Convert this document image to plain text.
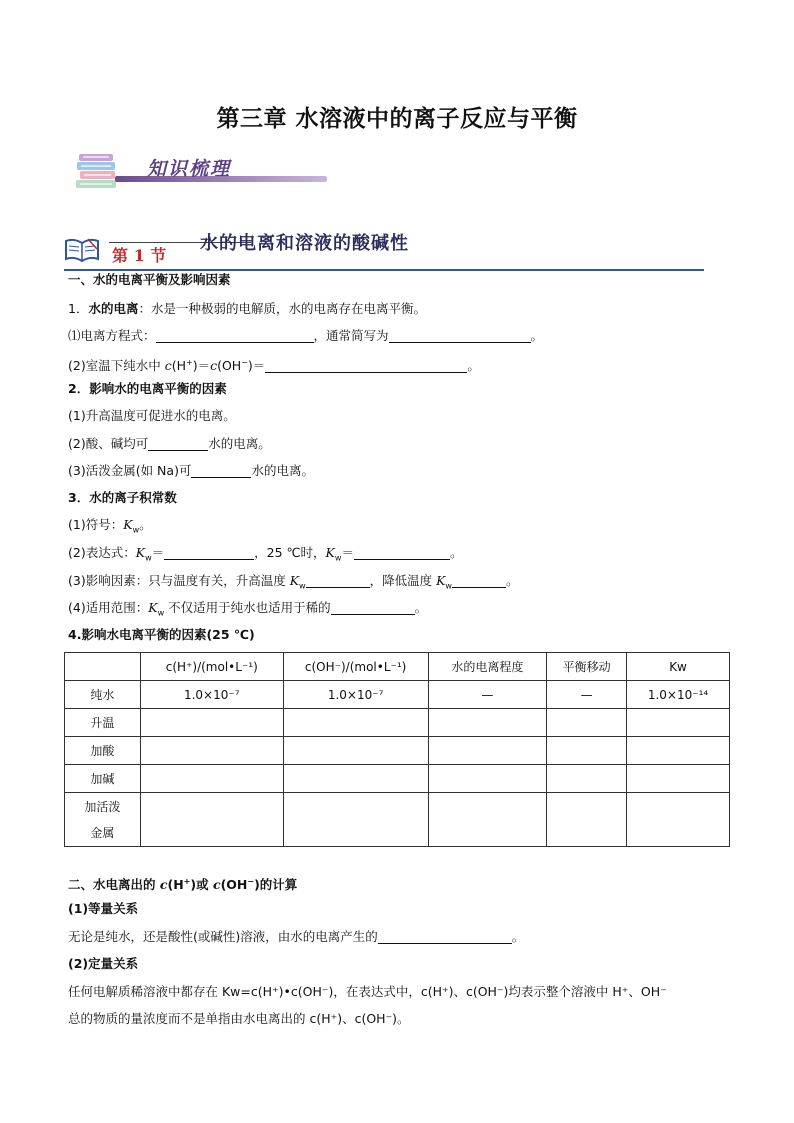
第三章 水溶液中的离子反应与平衡
知识梳理
第 1 节
水的电离和溶液的酸碱性
一、水的电离平衡及影响因素
1．水的电离：水是一种极弱的电解质，水的电离存在电离平衡。
⑴电离方程式：	，通常简写为	。
(2)室温下纯水中 c(H+)＝c(OH−)＝	。
2．影响水的电离平衡的因素
(1)升高温度可促进水的电离。
(2)酸、碱均可	水的电离。
(3)活泼金属(如 Na)可	水的电离。
3．水的离子积常数
(1)符号：$K_w$。
(2)表达式：$K_w=$	，25 ℃时，$K_w=$	。
(3)影响因素：只与温度有关，升高温度 $K_w$	，降低温度 $K_w$	。
(4)适用范围：$K_w$ 不仅适用于纯水也适用于稀的	。
4.影响水电离平衡的因素(25 ℃)
	c(H⁺)/(mol•L⁻¹)	c(OH⁻)/(mol•L⁻¹)	水的电离程度	平衡移动	Kw
纯水	1.0×10⁻⁷	1.0×10⁻⁷	—	—	1.0×10⁻¹⁴
升温					
加酸					
加碱					
加活泼
金属					
二、水电离出的 c(H+)或 c(OH−)的计算
(1)等量关系
无论是纯水，还是酸性(或碱性)溶液，由水的电离产生的	。
(2)定量关系
任何电解质稀溶液中都存在 Kw=c(H⁺)•c(OH⁻)，在表达式中，c(H⁺)、c(OH⁻)均表示整个溶液中 H⁺、OH⁻
总的物质的量浓度而不是单指由水电离出的 c(H⁺)、c(OH⁻)。
